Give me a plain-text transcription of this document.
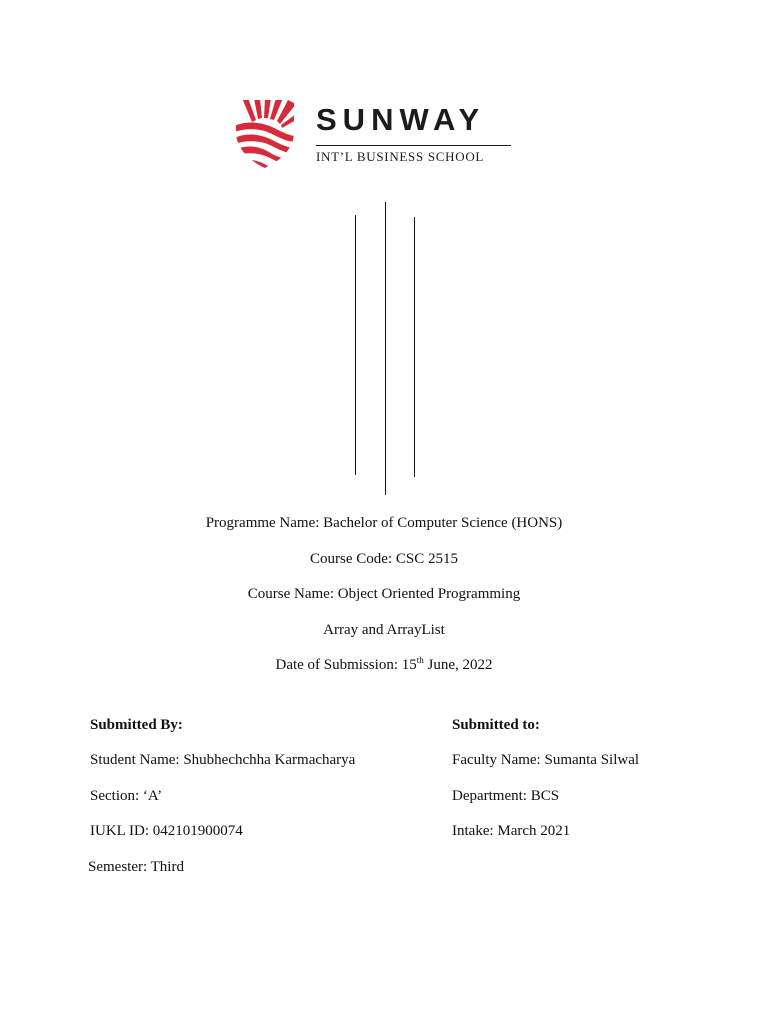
SUNWAY
INT’L BUSINESS SCHOOL
Programme Name: Bachelor of Computer Science (HONS)
Course Code: CSC 2515
Course Name: Object Oriented Programming
Array and ArrayList
Date of Submission: 15th June, 2022
Submitted By:
Student Name: Shubhechchha Karmacharya
Section: ‘A’
IUKL ID: 042101900074
Semester: Third
Submitted to:
Faculty Name: Sumanta Silwal
Department: BCS
Intake: March 2021
